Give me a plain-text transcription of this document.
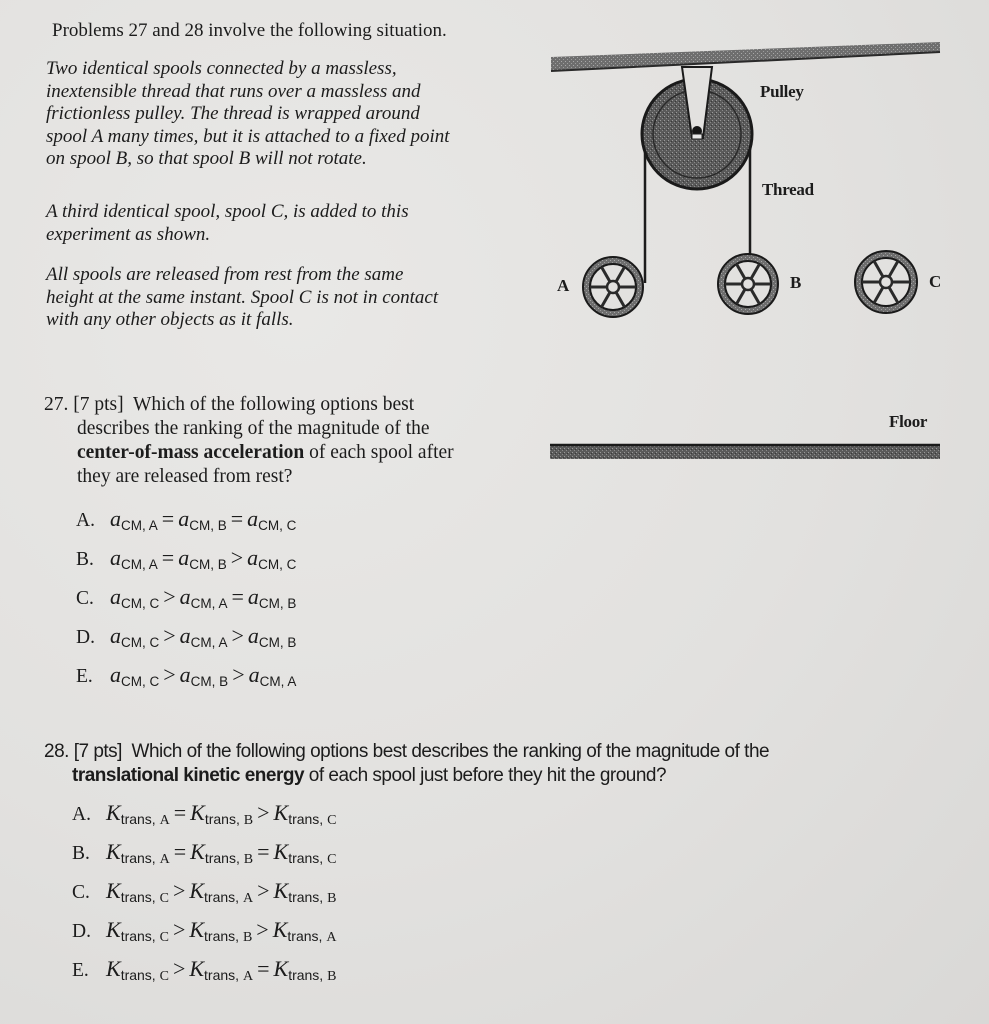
Problems 27 and 28 involve the following situation.
Two identical spools connected by a massless,
inextensible thread that runs over a massless and
frictionless pulley. The thread is wrapped around
spool A many times, but it is attached to a fixed point
on spool B, so that spool B will not rotate.
A third identical spool, spool C, is added to this
experiment as shown.
All spools are released from rest from the same
height at the same instant. Spool C is not in contact
with any other objects as it falls.
Pulley
Thread
Floor
A	B	C
27. [7 pts] Which of the following options best
describes the ranking of the magnitude of the
center-of-mass acceleration of each spool after
they are released from rest?
A. $a_{CM, A} = a_{CM, B} = a_{CM, C}$
B. $a_{CM, A} = a_{CM, B} > a_{CM, C}$
C. $a_{CM, C} > a_{CM, A} = a_{CM, B}$
D. $a_{CM, C} > a_{CM, A} > a_{CM, B}$
E. $a_{CM, C} > a_{CM, B} > a_{CM, A}$
28. [7 pts] Which of the following options best describes the ranking of the magnitude of the
translational kinetic energy of each spool just before they hit the ground?
A. $K_{trans, A} = K_{trans, B} > K_{trans, C}$
B. $K_{trans, A} = K_{trans, B} = K_{trans, C}$
C. $K_{trans, C} > K_{trans, A} > K_{trans, B}$
D. $K_{trans, C} > K_{trans, B} > K_{trans, A}$
E. $K_{trans, C} > K_{trans, A} = K_{trans, B}$
